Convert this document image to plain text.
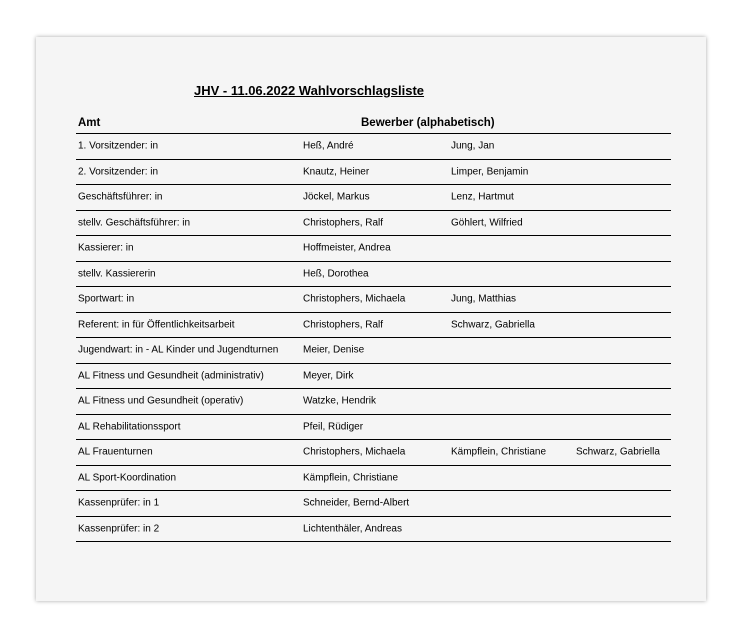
JHV - 11.06.2022 Wahlvorschlagsliste
Amt	Bewerber (alphabetisch)
1. Vorsitzender: in	Heß, André	Jung, Jan
2. Vorsitzender: in	Knautz, Heiner	Limper, Benjamin
Geschäftsführer: in	Jöckel, Markus	Lenz, Hartmut
stellv. Geschäftsführer: in	Christophers, Ralf	Göhlert, Wilfried
Kassierer: in	Hoffmeister, Andrea
stellv. Kassiererin	Heß, Dorothea
Sportwart: in	Christophers, Michaela	Jung, Matthias
Referent: in für Öffentlichkeitsarbeit	Christophers, Ralf	Schwarz, Gabriella
Jugendwart: in - AL Kinder und Jugendturnen	Meier, Denise
AL Fitness und Gesundheit (administrativ)	Meyer, Dirk
AL Fitness und Gesundheit (operativ)	Watzke, Hendrik
AL Rehabilitationssport	Pfeil, Rüdiger
AL Frauenturnen	Christophers, Michaela	Kämpflein, Christiane	Schwarz, Gabriella
AL Sport-Koordination	Kämpflein, Christiane
Kassenprüfer: in 1	Schneider, Bernd-Albert
Kassenprüfer: in 2	Lichtenthäler, Andreas
